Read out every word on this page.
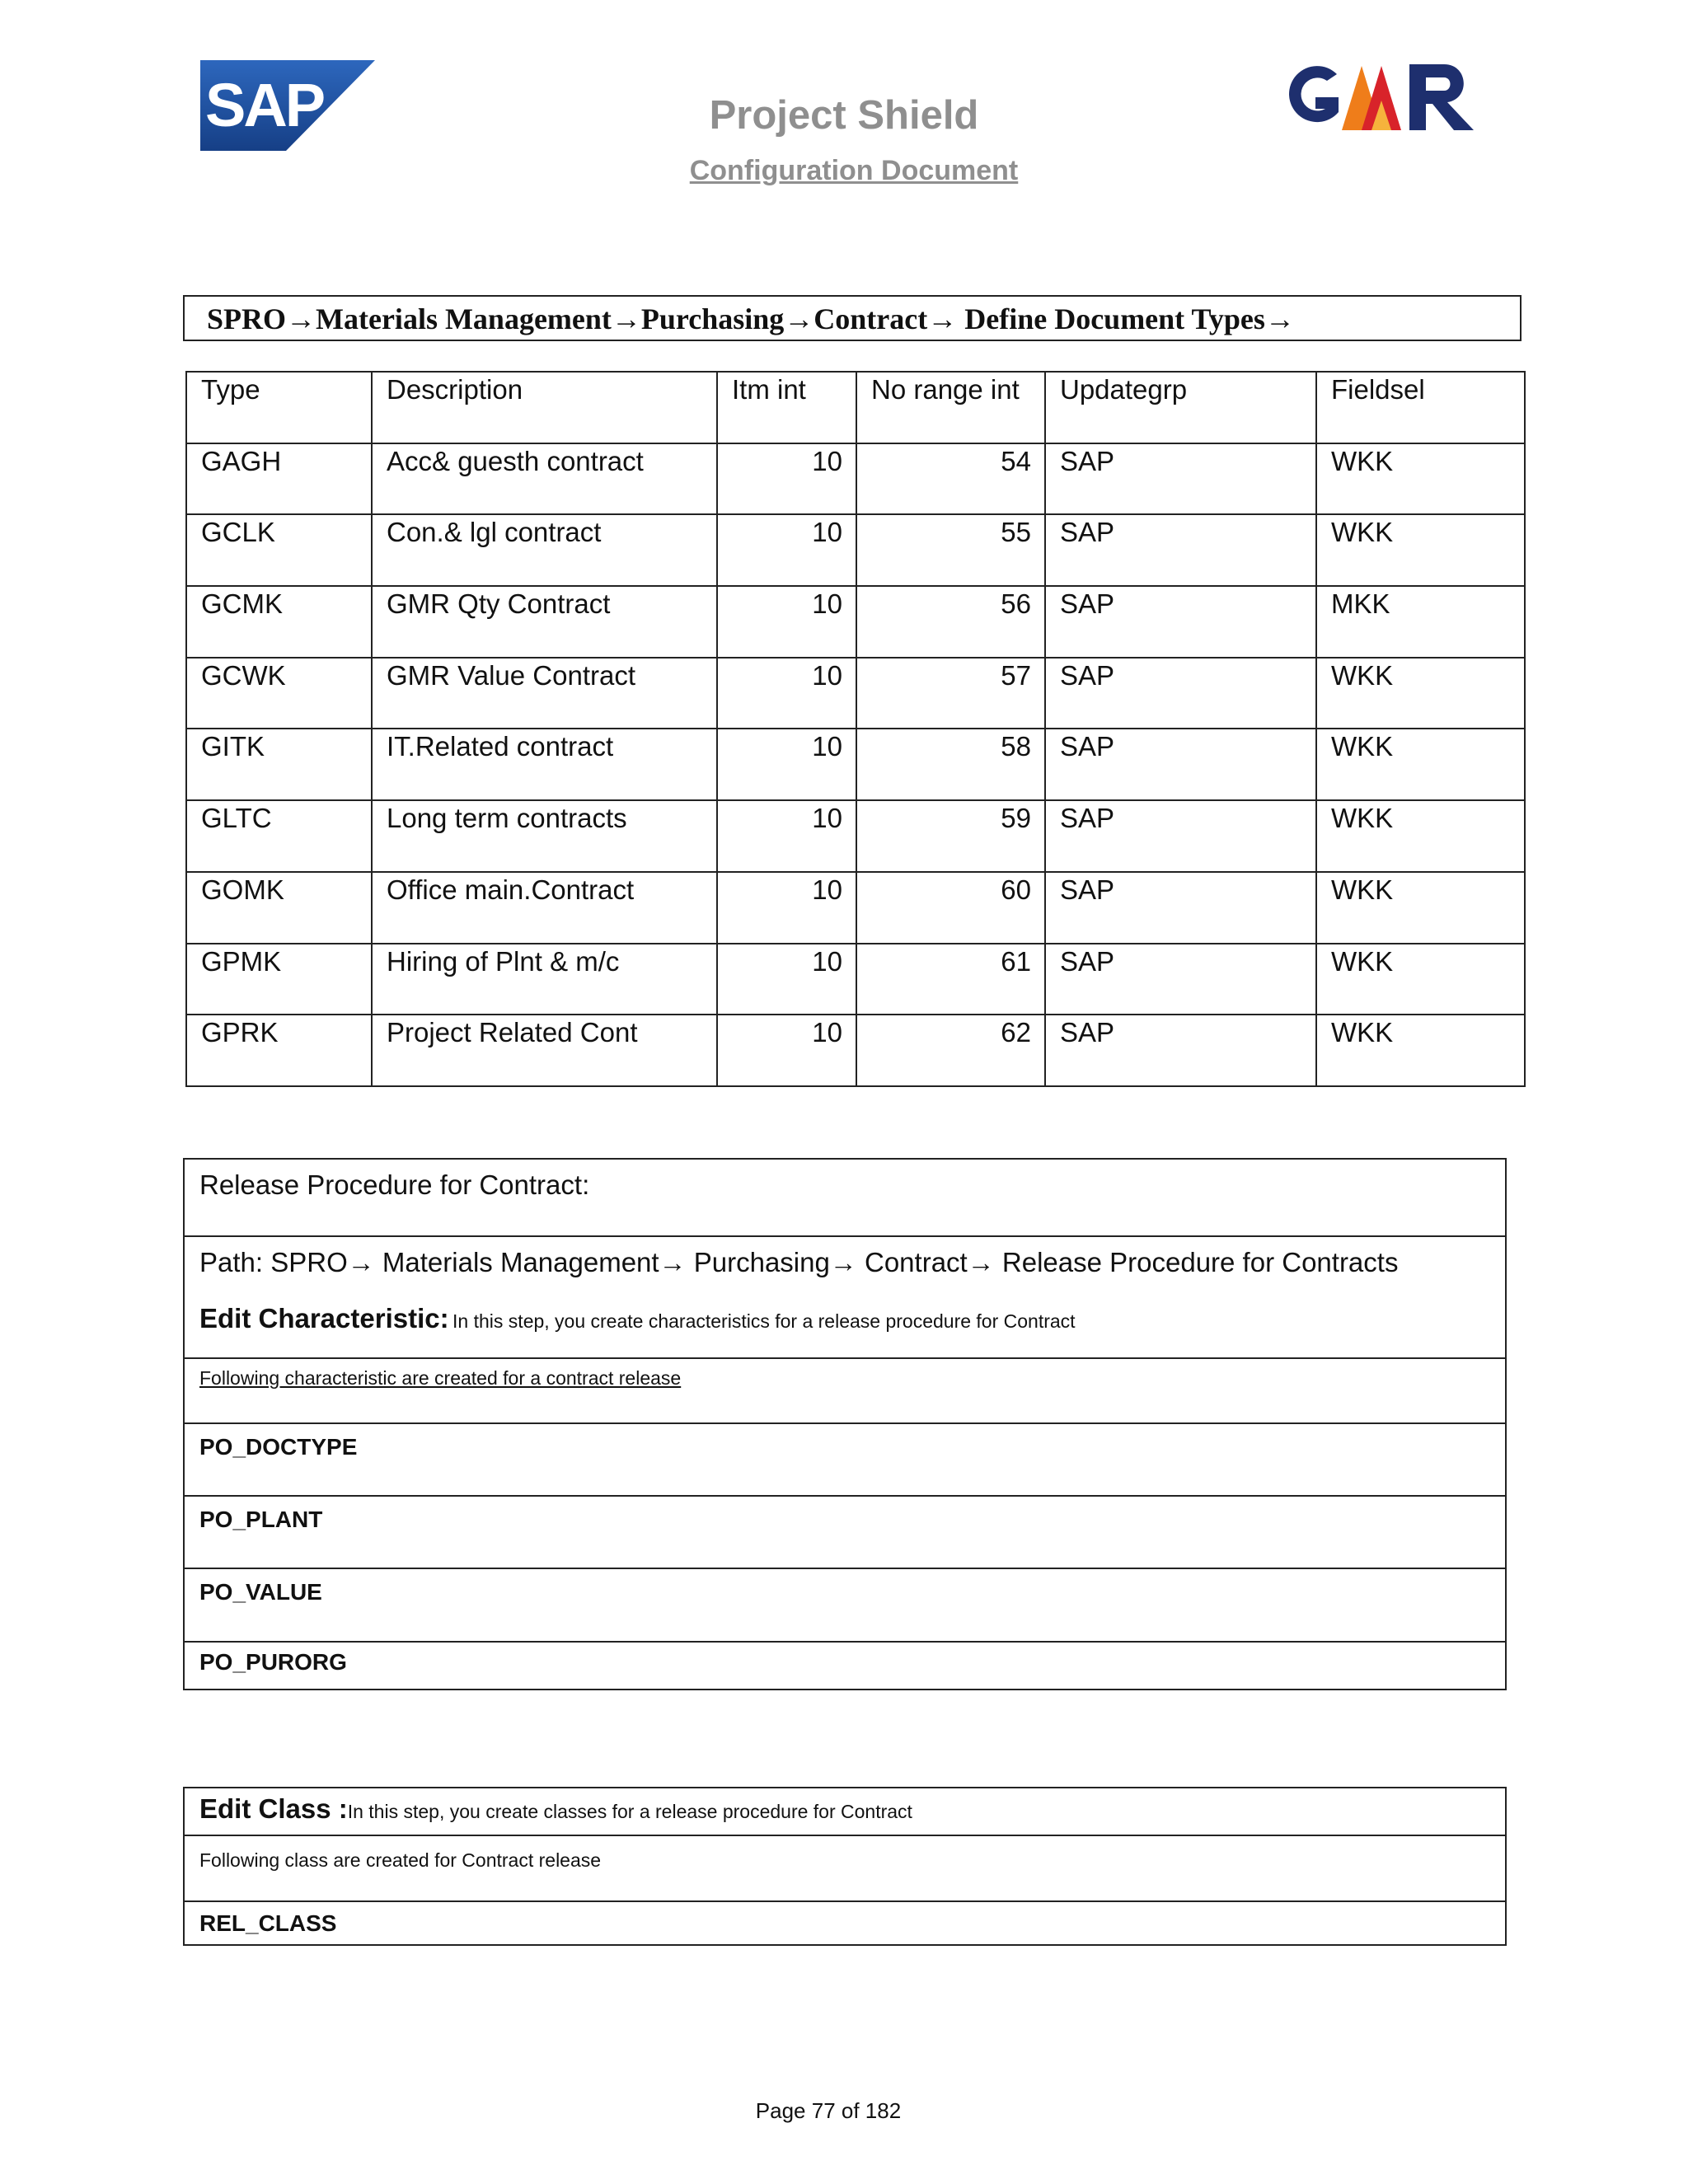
SAP	Project Shield
Configuration Document
SPRO→Materials Management→Purchasing→Contract→ Define Document Types→
Type	Description	Itm int	No range int	Updategrp	Fieldsel
GAGH	Acc& guesth contract	10	54	SAP	WKK
GCLK	Con.& lgl contract	10	55	SAP	WKK
GCMK	GMR Qty Contract	10	56	SAP	MKK
GCWK	GMR Value Contract	10	57	SAP	WKK
GITK	IT.Related contract	10	58	SAP	WKK
GLTC	Long term contracts	10	59	SAP	WKK
GOMK	Office main.Contract	10	60	SAP	WKK
GPMK	Hiring of Plnt & m/c	10	61	SAP	WKK
GPRK	Project Related Cont	10	62	SAP	WKK
Release Procedure for Contract:
Path: SPRO→ Materials Management→ Purchasing→ Contract→ Release Procedure for Contracts
Edit Characteristic: In this step, you create characteristics for a release procedure for Contract
Following characteristic are created for a contract release
PO_DOCTYPE
PO_PLANT
PO_VALUE
PO_PURORG
Edit Class :In this step, you create classes for a release procedure for Contract
Following class are created for Contract release
REL_CLASS
Page 77 of 182
